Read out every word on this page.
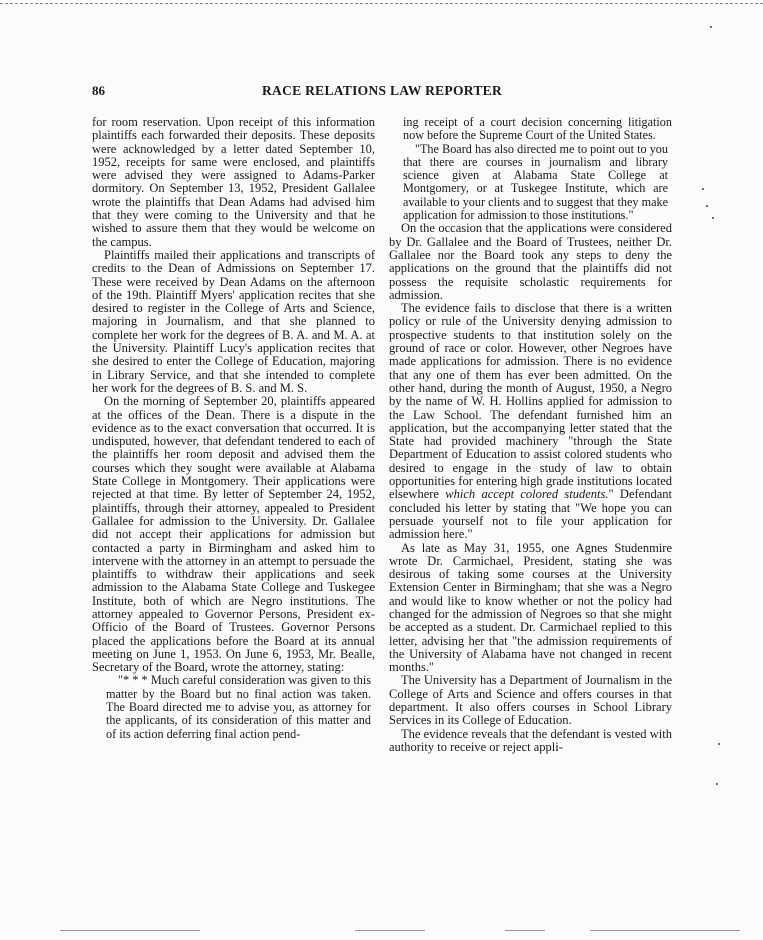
86	RACE RELATIONS LAW REPORTER

for room reservation. Upon receipt of this information plaintiffs each forwarded their deposits. These deposits were acknowledged by a letter dated September 10, 1952, receipts for same were enclosed, and plaintiffs were advised they were assigned to Adams-Parker dormitory. On September 13, 1952, President Gallalee wrote the plaintiffs that Dean Adams had advised him that they were coming to the University and that he wished to assure them that they would be welcome on the campus.

Plaintiffs mailed their applications and transcripts of credits to the Dean of Admissions on September 17. These were received by Dean Adams on the afternoon of the 19th. Plaintiff Myers' application recites that she desired to register in the College of Arts and Science, majoring in Journalism, and that she planned to complete her work for the degrees of B. A. and M. A. at the University. Plaintiff Lucy's application recites that she desired to enter the College of Education, majoring in Library Service, and that she intended to complete her work for the degrees of B. S. and M. S.

On the morning of September 20, plaintiffs appeared at the offices of the Dean. There is a dispute in the evidence as to the exact conversation that occurred. It is undisputed, however, that defendant tendered to each of the plaintiffs her room deposit and advised them the courses which they sought were available at Alabama State College in Montgomery. Their applications were rejected at that time. By letter of September 24, 1952, plaintiffs, through their attorney, appealed to President Gallalee for admission to the University. Dr. Gallalee did not accept their applications for admission but contacted a party in Birmingham and asked him to intervene with the attorney in an attempt to persuade the plaintiffs to withdraw their applications and seek admission to the Alabama State College and Tuskegee Institute, both of which are Negro institutions. The attorney appealed to Governor Persons, President ex-Officio of the Board of Trustees. Governor Persons placed the applications before the Board at its annual meeting on June 1, 1953. On June 6, 1953, Mr. Bealle, Secretary of the Board, wrote the attorney, stating:

"* * * Much careful consideration was given to this matter by the Board but no final action was taken. The Board directed me to advise you, as attorney for the applicants, of its consideration of this matter and of its action deferring final action pend-

ing receipt of a court decision concerning litigation now before the Supreme Court of the United States.

"The Board has also directed me to point out to you that there are courses in journalism and library science given at Alabama State College at Montgomery, or at Tuskegee Institute, which are available to your clients and to suggest that they make application for admission to those institutions."

On the occasion that the applications were considered by Dr. Gallalee and the Board of Trustees, neither Dr. Gallalee nor the Board took any steps to deny the applications on the ground that the plaintiffs did not possess the requisite scholastic requirements for admission.

The evidence fails to disclose that there is a written policy or rule of the University denying admission to prospective students to that institution solely on the ground of race or color. However, other Negroes have made applications for admission. There is no evidence that any one of them has ever been admitted. On the other hand, during the month of August, 1950, a Negro by the name of W. H. Hollins applied for admission to the Law School. The defendant furnished him an application, but the accompanying letter stated that the State had provided machinery "through the State Department of Education to assist colored students who desired to engage in the study of law to obtain opportunities for entering high grade institutions located elsewhere which accept colored students." Defendant concluded his letter by stating that "We hope you can persuade yourself not to file your application for admission here."

As late as May 31, 1955, one Agnes Studenmire wrote Dr. Carmichael, President, stating she was desirous of taking some courses at the University Extension Center in Birmingham; that she was a Negro and would like to know whether or not the policy had changed for the admission of Negroes so that she might be accepted as a student. Dr. Carmichael replied to this letter, advising her that "the admission requirements of the University of Alabama have not changed in recent months."

The University has a Department of Journalism in the College of Arts and Science and offers courses in that department. It also offers courses in School Library Services in its College of Education.

The evidence reveals that the defendant is vested with authority to receive or reject appli-
